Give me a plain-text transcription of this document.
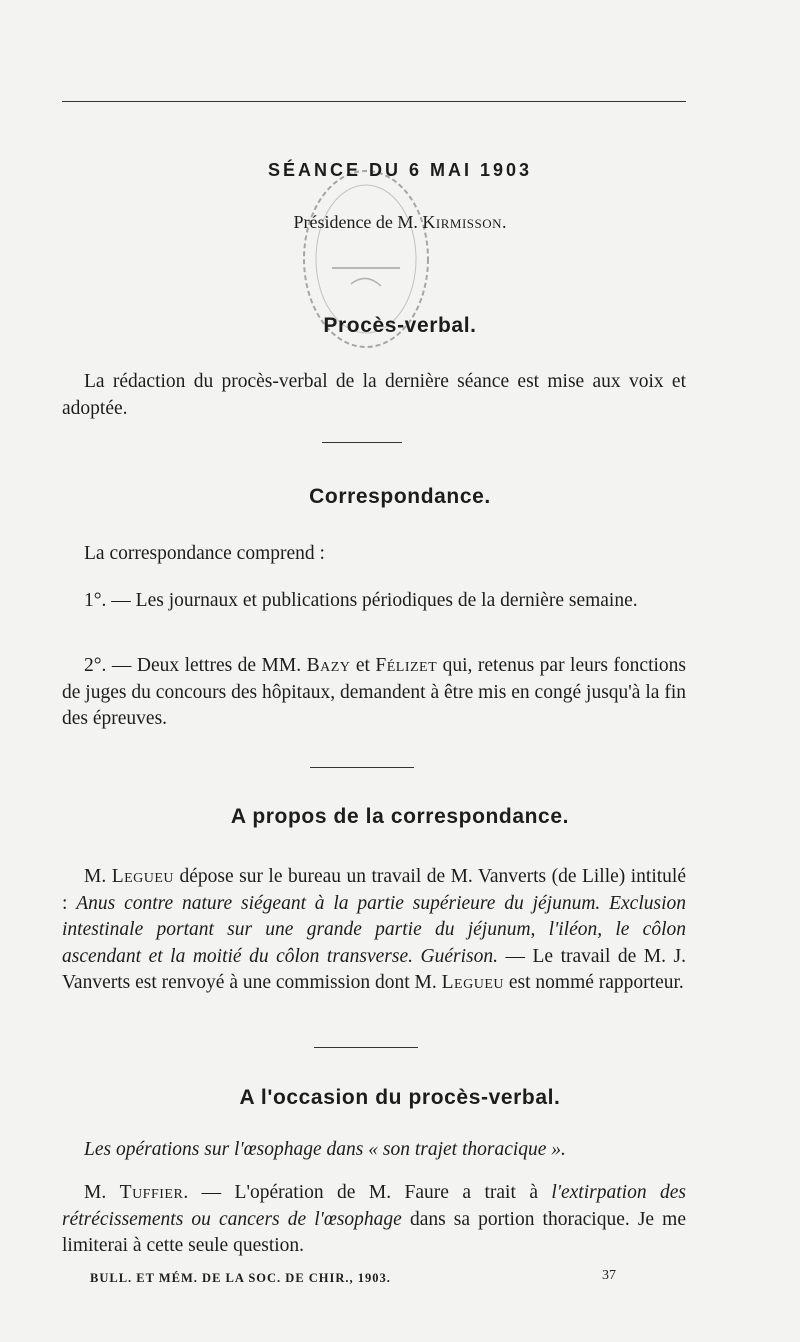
SÉANCE DU 6 MAI 1903

Présidence de M. Kirmisson.

Procès-verbal.

La rédaction du procès-verbal de la dernière séance est mise aux voix et adoptée.

Correspondance.

La correspondance comprend :

1°. — Les journaux et publications périodiques de la dernière semaine.

2°. — Deux lettres de MM. Bazy et Félizet qui, retenus par leurs fonctions de juges du concours des hôpitaux, demandent à être mis en congé jusqu'à la fin des épreuves.

A propos de la correspondance.

M. Legueu dépose sur le bureau un travail de M. Vanverts (de Lille) intitulé : Anus contre nature siégeant à la partie supérieure du jéjunum. Exclusion intestinale portant sur une grande partie du jéjunum, l'iléon, le côlon ascendant et la moitié du côlon transverse. Guérison. — Le travail de M. J. Vanverts est renvoyé à une commission dont M. Legueu est nommé rapporteur.

A l'occasion du procès-verbal.

Les opérations sur l'œsophage dans « son trajet thoracique ».

M. Tuffier. — L'opération de M. Faure a trait à l'extirpation des rétrécissements ou cancers de l'œsophage dans sa portion thoracique. Je me limiterai à cette seule question.

BULL. ET MÉM. DE LA SOC. DE CHIR., 1903.	37
